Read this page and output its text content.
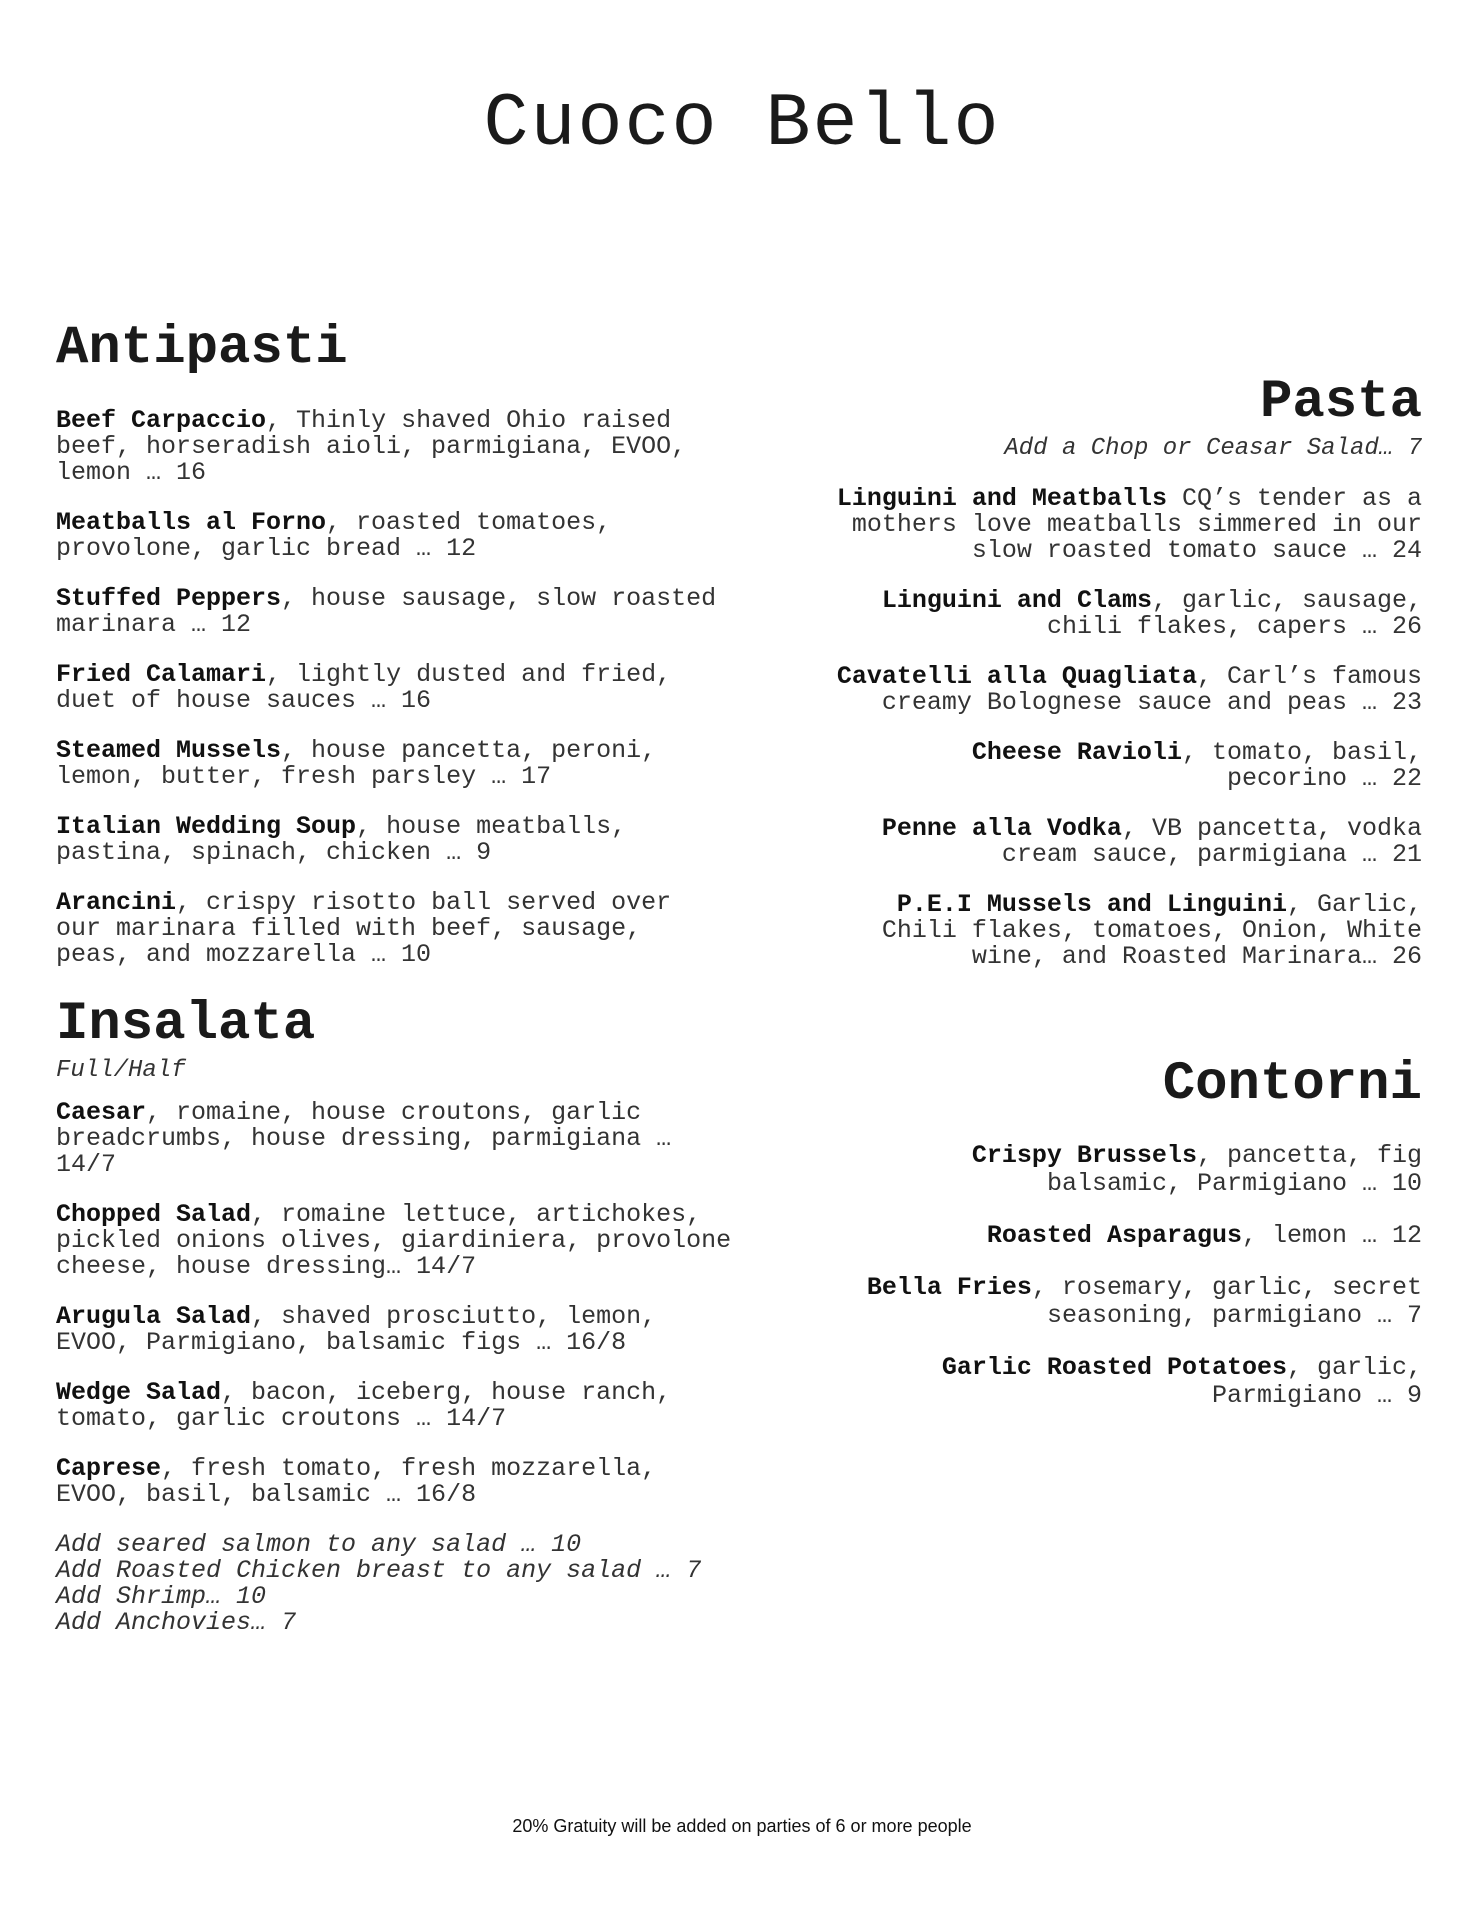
Cuoco Bello
Antipasti
Beef Carpaccio, Thinly shaved Ohio raised beef, horseradish aioli, parmigiana, EVOO, lemon … 16
Meatballs al Forno, roasted tomatoes, provolone, garlic bread … 12
Stuffed Peppers, house sausage, slow roasted marinara … 12
Fried Calamari, lightly dusted and fried, duet of house sauces … 16
Steamed Mussels, house pancetta, peroni, lemon, butter, fresh parsley … 17
Italian Wedding Soup, house meatballs, pastina, spinach, chicken … 9
Arancini, crispy risotto ball served over our marinara filled with beef, sausage, peas, and mozzarella … 10
Insalata
Full/Half
Caesar, romaine, house croutons, garlic breadcrumbs, house dressing, parmigiana …14/7
Chopped Salad, romaine lettuce, artichokes, pickled onions olives, giardiniera, provolone cheese, house dressing… 14/7
Arugula Salad, shaved prosciutto, lemon, EVOO, Parmigiano, balsamic figs … 16/8
Wedge Salad, bacon, iceberg, house ranch, tomato, garlic croutons … 14/7
Caprese, fresh tomato, fresh mozzarella, EVOO, basil, balsamic … 16/8
Add seared salmon to any salad … 10
Add Roasted Chicken breast to any salad … 7
Add Shrimp… 10
Add Anchovies… 7
Pasta
Add a Chop or Ceasar Salad… 7
Linguini and Meatballs CQ’s tender as a mothers love meatballs simmered in our slow roasted tomato sauce … 24
Linguini and Clams, garlic, sausage, chili flakes, capers … 26
Cavatelli alla Quagliata, Carl’s famous creamy Bolognese sauce and peas … 23
Cheese Ravioli, tomato, basil, pecorino … 22
Penne alla Vodka, VB pancetta, vodka cream sauce, parmigiana … 21
P.E.I Mussels and Linguini, Garlic, Chili flakes, tomatoes, Onion, White wine, and Roasted Marinara… 26
Contorni
Crispy Brussels, pancetta, fig balsamic, Parmigiano … 10
Roasted Asparagus, lemon … 12
Bella Fries, rosemary, garlic, secret seasoning, parmigiano … 7
Garlic Roasted Potatoes, garlic, Parmigiano … 9
20% Gratuity will be added on parties of 6 or more people
